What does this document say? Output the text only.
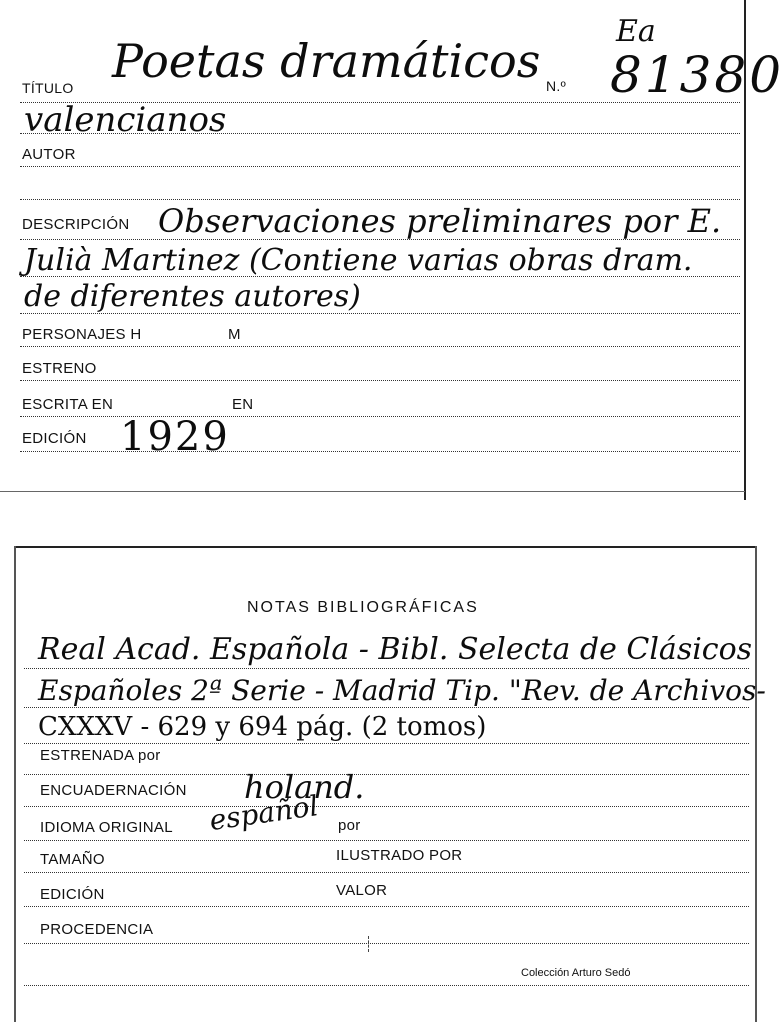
TÍTULO Poetas dramáticos N.º
Ea
81380
valencianos
AUTOR
DESCRIPCIÓN Observaciones preliminares por E.
Julià Martinez (Contiene varias obras dram.
de diferentes autores)
PERSONAJES H	M
ESTRENO
ESCRITA EN	EN
EDICIÓN 1929
NOTAS BIBLIOGRÁFICAS
Real Acad. Española - Bibl. Selecta de Clásicos
Españoles 2ª Serie - Madrid Tip. "Rev. de Archivos-
CXXXV - 629 y 694 pág. (2 tomos)
ESTRENADA por
ENCUADERNACIÓN holand.
IDIOMA ORIGINAL español por
TAMAÑO	ILUSTRADO POR
EDICIÓN	VALOR
PROCEDENCIA
Colección Arturo Sedó
